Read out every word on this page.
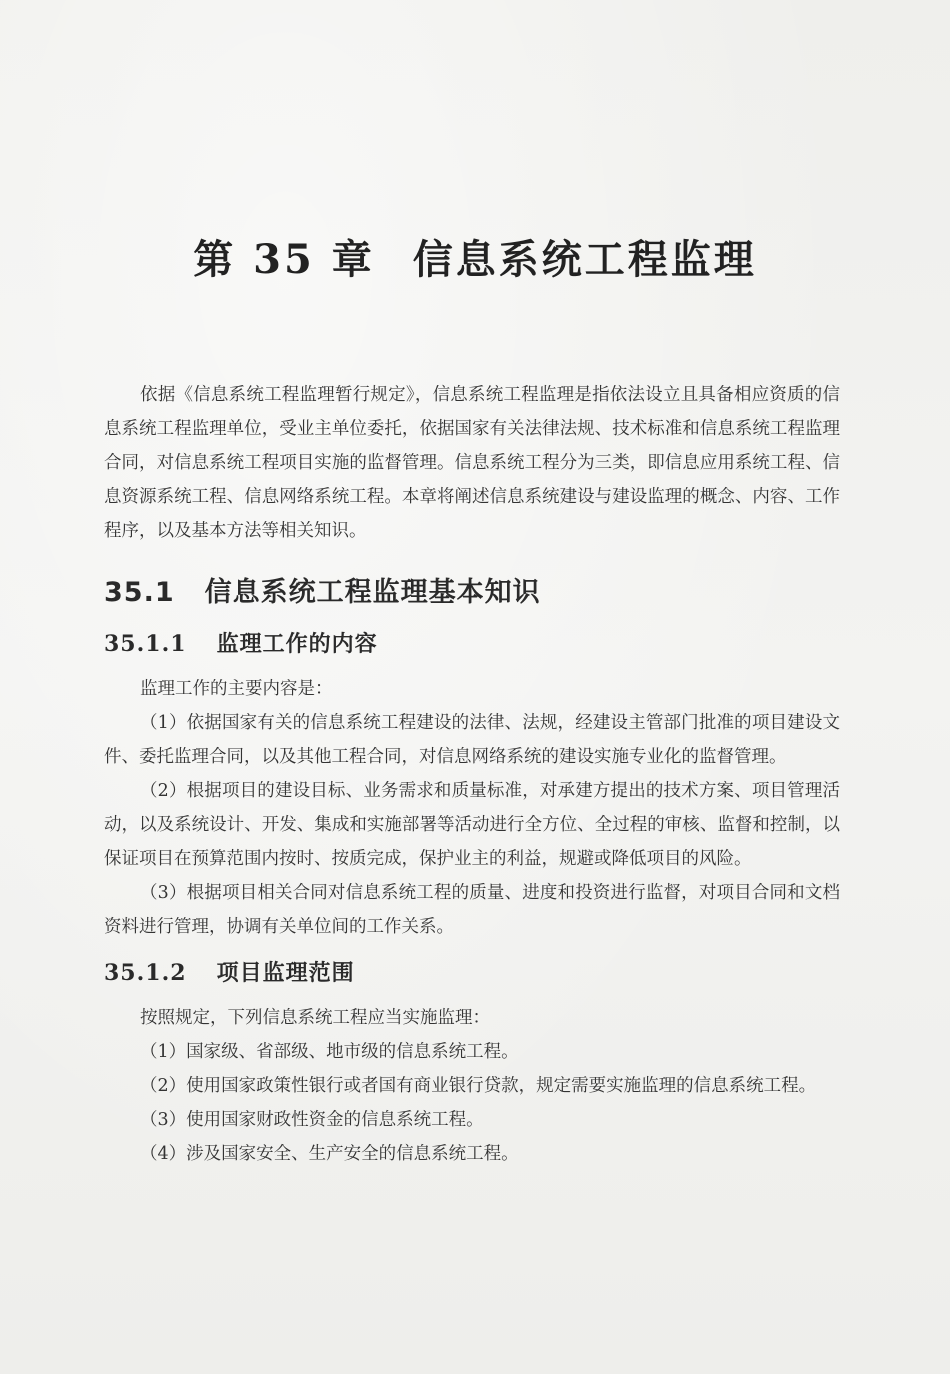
第 35 章 信息系统工程监理

依据《信息系统工程监理暂行规定》，信息系统工程监理是指依法设立且具备相应资质的信息系统工程监理单位，受业主单位委托，依据国家有关法律法规、技术标准和信息系统工程监理合同，对信息系统工程项目实施的监督管理。信息系统工程分为三类，即信息应用系统工程、信息资源系统工程、信息网络系统工程。本章将阐述信息系统建设与建设监理的概念、内容、工作程序，以及基本方法等相关知识。

35.1 信息系统工程监理基本知识
35.1.1 监理工作的内容

监理工作的主要内容是：

（1）依据国家有关的信息系统工程建设的法律、法规，经建设主管部门批准的项目建设文件、委托监理合同，以及其他工程合同，对信息网络系统的建设实施专业化的监督管理。

（2）根据项目的建设目标、业务需求和质量标准，对承建方提出的技术方案、项目管理活动，以及系统设计、开发、集成和实施部署等活动进行全方位、全过程的审核、监督和控制，以保证项目在预算范围内按时、按质完成，保护业主的利益，规避或降低项目的风险。

（3）根据项目相关合同对信息系统工程的质量、进度和投资进行监督，对项目合同和文档资料进行管理，协调有关单位间的工作关系。

35.1.2 项目监理范围

按照规定，下列信息系统工程应当实施监理：

（1）国家级、省部级、地市级的信息系统工程。

（2）使用国家政策性银行或者国有商业银行贷款，规定需要实施监理的信息系统工程。

（3）使用国家财政性资金的信息系统工程。

（4）涉及国家安全、生产安全的信息系统工程。
